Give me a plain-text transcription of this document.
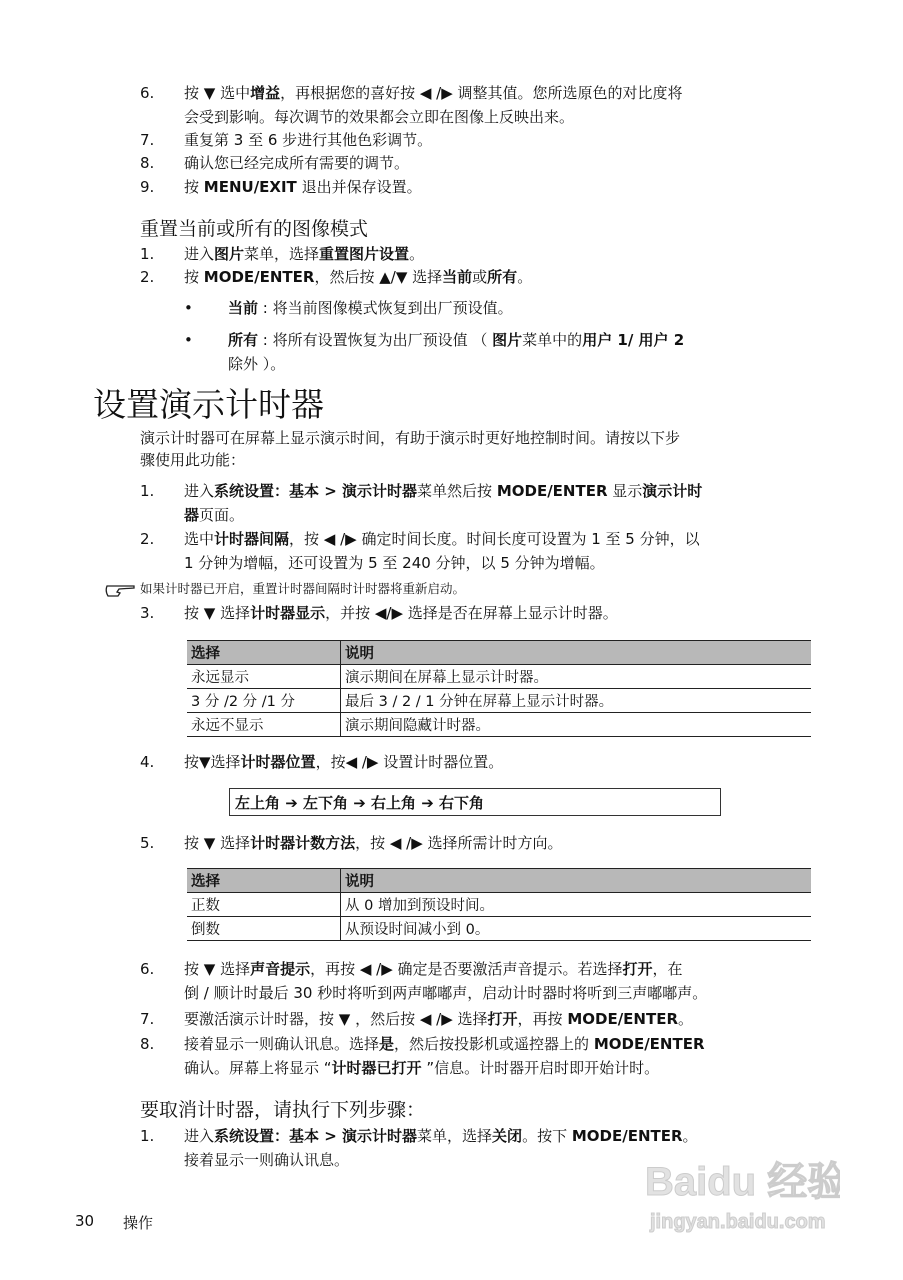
6. 按 ▼ 选中增益，再根据您的喜好按 ◀ /▶ 调整其值。您所选原色的对比度将
会受到影响。每次调节的效果都会立即在图像上反映出来。
7. 重复第 3 至 6 步进行其他色彩调节。
8. 确认您已经完成所有需要的调节。
9. 按 MENU/EXIT 退出并保存设置。
重置当前或所有的图像模式
1. 进入图片菜单，选择重置图片设置。
2. 按 MODE/ENTER，然后按 ▲/▼ 选择当前或所有。
• 当前 : 将当前图像模式恢复到出厂预设值。
• 所有 : 将所有设置恢复为出厂预设值 （ 图片菜单中的用户 1/ 用户 2
除外 ）。
设置演示计时器
演示计时器可在屏幕上显示演示时间，有助于演示时更好地控制时间。请按以下步
骤使用此功能：
1. 进入系统设置：基本 > 演示计时器菜单然后按 MODE/ENTER 显示演示计时
器页面。
2. 选中计时器间隔，按 ◀ /▶ 确定时间长度。时间长度可设置为 1 至 5 分钟，以
1 分钟为增幅，还可设置为 5 至 240 分钟，以 5 分钟为增幅。
3. 按 ▼ 选择计时器显示，并按 ◀/▶ 选择是否在屏幕上显示计时器。
4. 按▼选择计时器位置，按◀ /▶ 设置计时器位置。
5. 按 ▼ 选择计时器计数方法，按 ◀ /▶ 选择所需计时方向。
6. 按 ▼ 选择声音提示，再按 ◀ /▶ 确定是否要激活声音提示。若选择打开，在
倒 / 顺计时最后 30 秒时将听到两声嘟嘟声，启动计时器时将听到三声嘟嘟声。
7. 要激活演示计时器，按 ▼ ，然后按 ◀ /▶ 选择打开，再按 MODE/ENTER。
8. 接着显示一则确认讯息。选择是，然后按投影机或遥控器上的 MODE/ENTER
确认。屏幕上将显示 “计时器已打开 ”信息。计时器开启时即开始计时。
1. 进入系统设置：基本 > 演示计时器菜单，选择关闭。按下 MODE/ENTER。
接着显示一则确认讯息。
如果计时器已开启，重置计时器间隔时计时器将重新启动。
选择	说明
永远显示	演示期间在屏幕上显示计时器。
3 分 /2 分 /1 分	最后 3 / 2 / 1 分钟在屏幕上显示计时器。
永远不显示	演示期间隐藏计时器。
左上角 ➔ 左下角 ➔ 右上角 ➔ 右下角
选择	说明
正数	从 0 增加到预设时间。
倒数	从预设时间减小到 0。
要取消计时器，请执行下列步骤：
30 操作
Baidu 经验
jingyan.baidu.com
